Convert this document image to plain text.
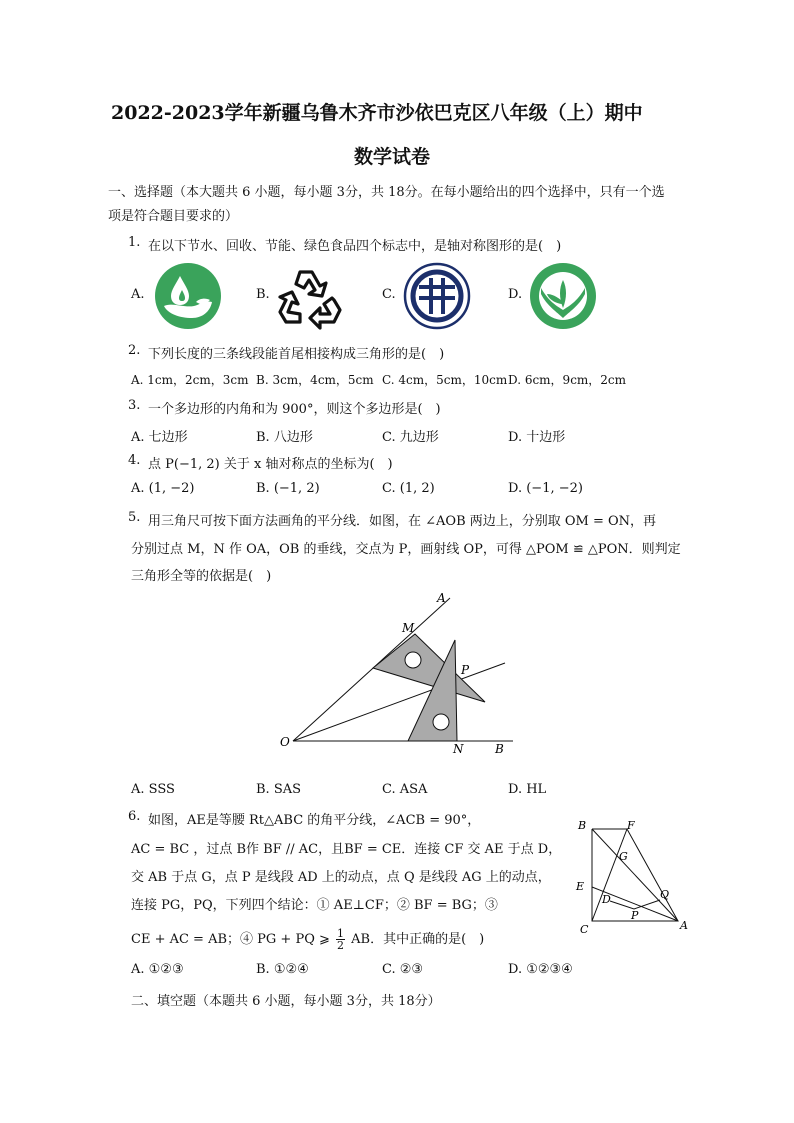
2022-2023学年新疆乌鲁木齐市沙依巴克区八年级（上）期中
数学试卷
一、选择题（本大题共 6 小题，每小题 3分，共 18分。在每小题给出的四个选择中，只有一个选
项是符合题目要求的）
1. 在以下节水、回收、节能、绿色食品四个标志中，是轴对称图形的是(　)
A.	B.	C.	D.
2. 下列长度的三条线段能首尾相接构成三角形的是(　)
A. 1cm，2cm，3cm B. 3cm，4cm，5cm C. 4cm，5cm，10cm D. 6cm，9cm，2cm
3. 一个多边形的内角和为 900°，则这个多边形是(　)
A. 七边形	B. 八边形	C. 九边形	D. 十边形
4. 点 P(−1, 2) 关于 x 轴对称点的坐标为(　)
A. (1, −2)	B. (−1, 2)	C. (1, 2)	D. (−1, −2)
5. 用三角尺可按下面方法画角的平分线．如图，在 ∠AOB 两边上，分别取 OM = ON，再
分别过点 M，N 作 OA，OB 的垂线，交点为 P，画射线 OP，可得 △POM ≌ △PON．则判定
三角形全等的依据是(　)
A
M
P
O	N	B
A. SSS	B. SAS	C. ASA	D. HL
6. 如图，AE是等腰 Rt△ABC 的角平分线，∠ACB = 90°，
AC = BC ，过点 B作 BF // AC，且BF = CE．连接 CF 交 AE 于点 D，
交 AB 于点 G，点 P 是线段 AD 上的动点，点 Q 是线段 AG 上的动点，
连接 PG，PQ，下列四个结论：① AE⊥CF；② BF = BG；③
CE + AC = AB；④ PG + PQ ⩾ $\frac{1}{2}$ AB．其中正确的是(　)
B	F
G
E
D	Q
P
C	A
A. ①②③	B. ①②④	C. ②③	D. ①②③④
二、填空题（本题共 6 小题，每小题 3分，共 18分）
